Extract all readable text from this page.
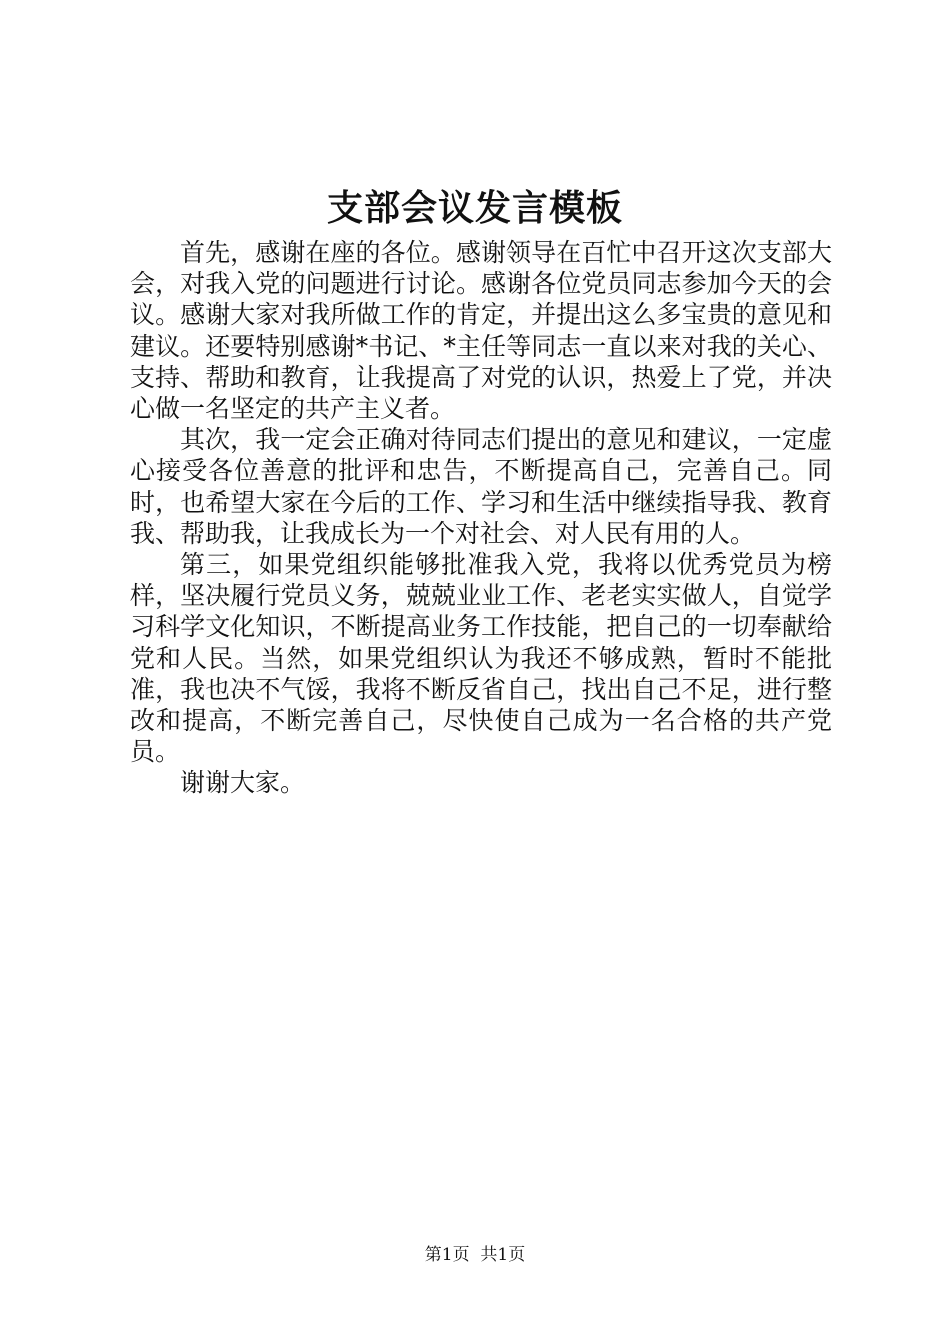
支部会议发言模板

首先，感谢在座的各位。感谢领导在百忙中召开这次支部大会，对我入党的问题进行讨论。感谢各位党员同志参加今天的会议。感谢大家对我所做工作的肯定，并提出这么多宝贵的意见和建议。还要特别感谢*书记、*主任等同志一直以来对我的关心、支持、帮助和教育，让我提高了对党的认识，热爱上了党，并决心做一名坚定的共产主义者。

其次，我一定会正确对待同志们提出的意见和建议，一定虚心接受各位善意的批评和忠告，不断提高自己，完善自己。同时，也希望大家在今后的工作、学习和生活中继续指导我、教育我、帮助我，让我成长为一个对社会、对人民有用的人。

第三，如果党组织能够批准我入党，我将以优秀党员为榜样，坚决履行党员义务，兢兢业业工作、老老实实做人，自觉学习科学文化知识，不断提高业务工作技能，把自己的一切奉献给党和人民。当然，如果党组织认为我还不够成熟，暂时不能批准，我也决不气馁，我将不断反省自己，找出自己不足，进行整改和提高，不断完善自己，尽快使自己成为一名合格的共产党员。

谢谢大家。

第1页  共1页
